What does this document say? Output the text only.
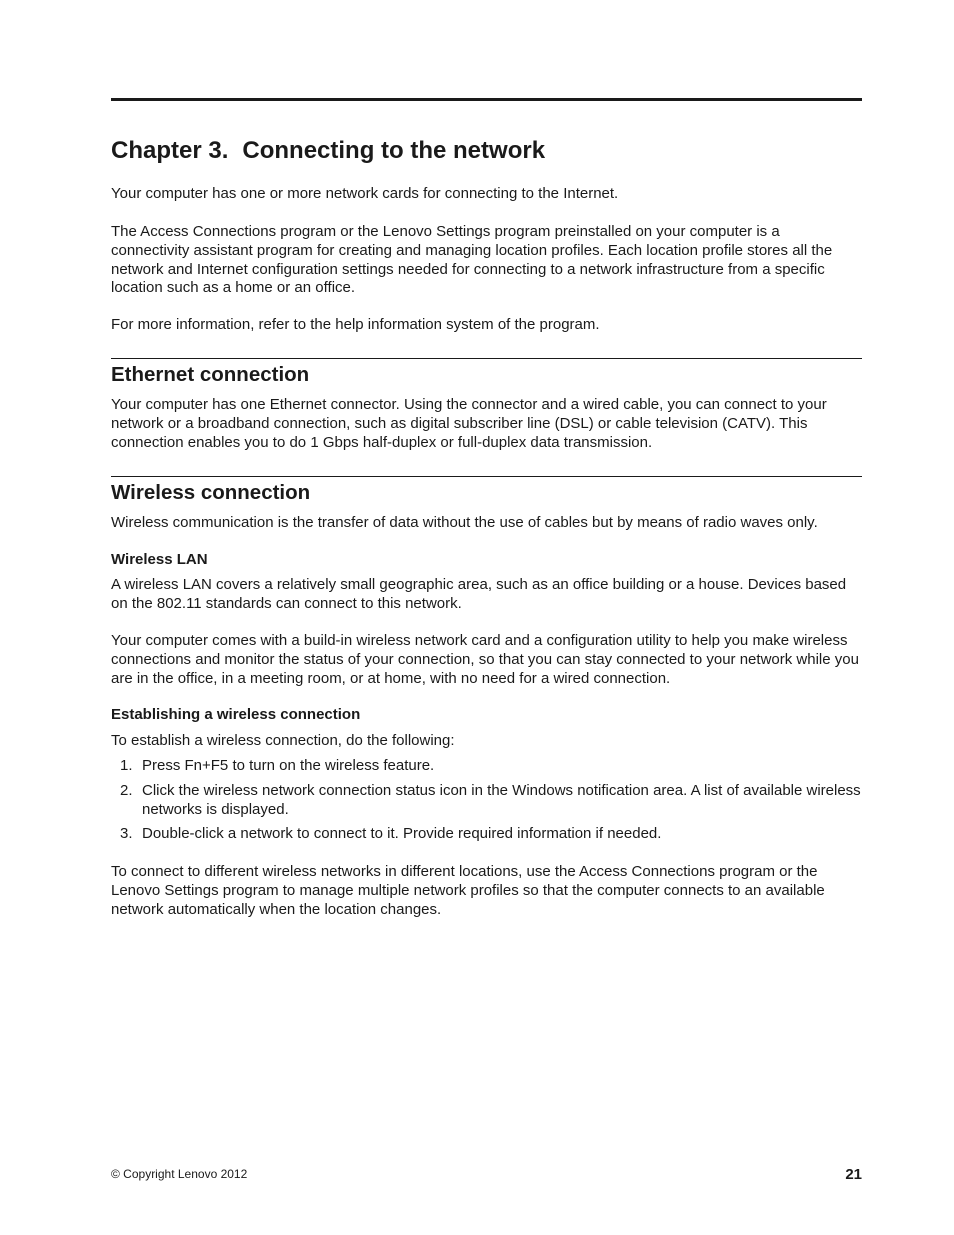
Chapter 3. Connecting to the network

Your computer has one or more network cards for connecting to the Internet.

The Access Connections program or the Lenovo Settings program preinstalled on your computer is a connectivity assistant program for creating and managing location profiles. Each location profile stores all the network and Internet configuration settings needed for connecting to a network infrastructure from a specific location such as a home or an office.

For more information, refer to the help information system of the program.

Ethernet connection

Your computer has one Ethernet connector. Using the connector and a wired cable, you can connect to your network or a broadband connection, such as digital subscriber line (DSL) or cable television (CATV). This connection enables you to do 1 Gbps half-duplex or full-duplex data transmission.

Wireless connection

Wireless communication is the transfer of data without the use of cables but by means of radio waves only.

Wireless LAN

A wireless LAN covers a relatively small geographic area, such as an office building or a house. Devices based on the 802.11 standards can connect to this network.

Your computer comes with a build-in wireless network card and a configuration utility to help you make wireless connections and monitor the status of your connection, so that you can stay connected to your network while you are in the office, in a meeting room, or at home, with no need for a wired connection.

Establishing a wireless connection

To establish a wireless connection, do the following:

1. Press Fn+F5 to turn on the wireless feature.
2. Click the wireless network connection status icon in the Windows notification area. A list of available wireless networks is displayed.
3. Double-click a network to connect to it. Provide required information if needed.

To connect to different wireless networks in different locations, use the Access Connections program or the Lenovo Settings program to manage multiple network profiles so that the computer connects to an available network automatically when the location changes.

© Copyright Lenovo 2012	21
